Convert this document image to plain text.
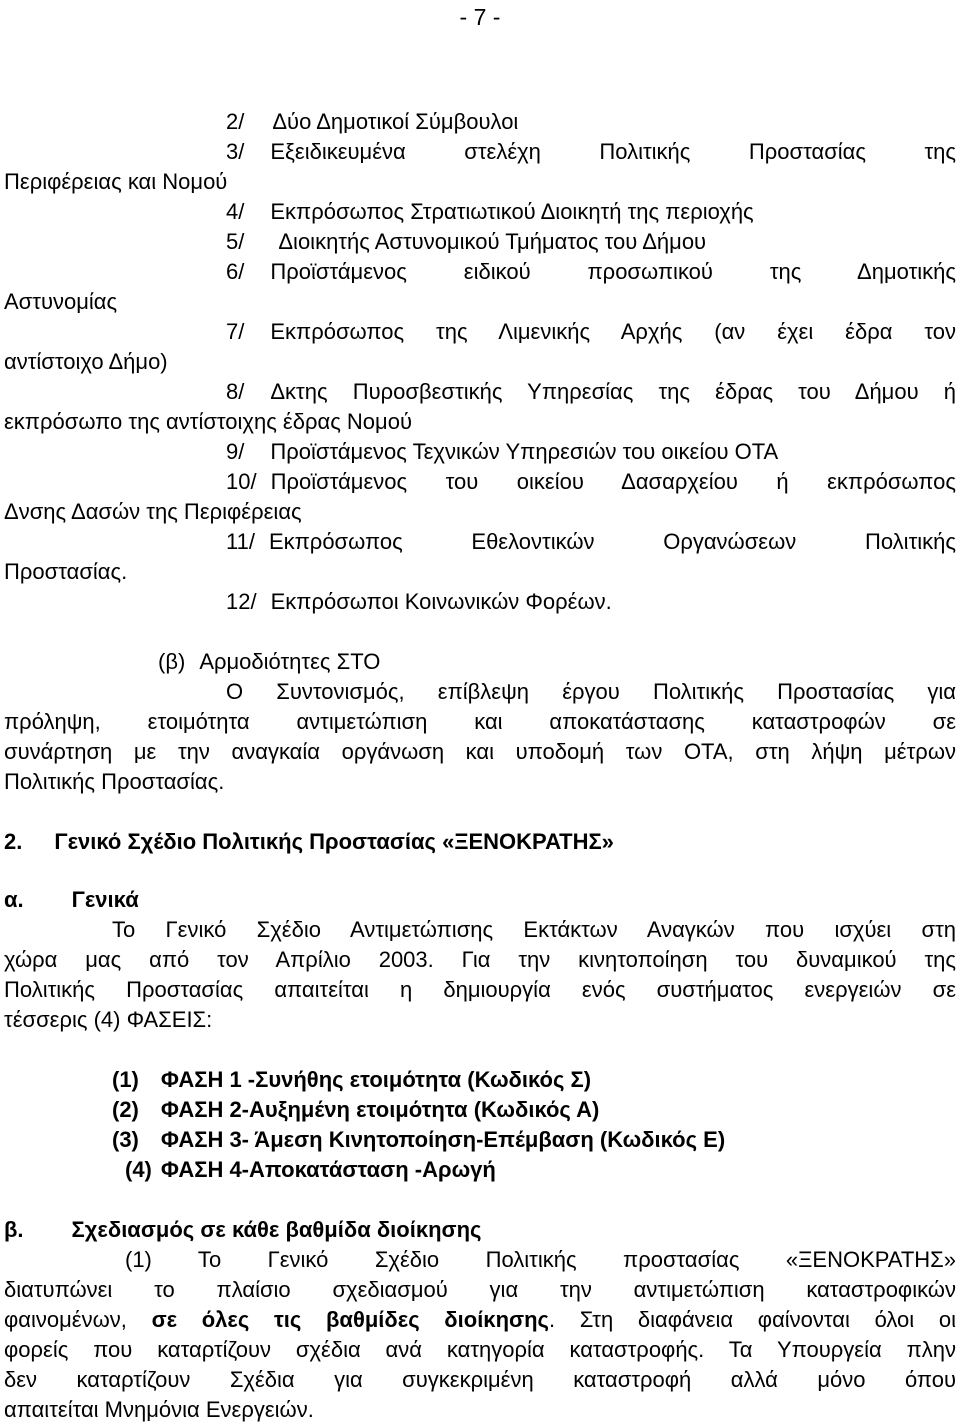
- 7 -
2/ Δύο Δημοτικοί Σύμβουλοι
3/ Εξειδικευμένα στελέχη Πολιτικής Προστασίας της
Περιφέρειας και Νομού
4/ Εκπρόσωπος Στρατιωτικού Διοικητή της περιοχής
5/ Διοικητής Αστυνομικού Τμήματος του Δήμου
6/ Προϊστάμενος ειδικού προσωπικού της Δημοτικής
Αστυνομίας
7/ Εκπρόσωπος της Λιμενικής Αρχής (αν έχει έδρα τον
αντίστοιχο Δήμο)
8/ Δκτης Πυροσβεστικής Υπηρεσίας της έδρας του Δήμου ή
εκπρόσωπο της αντίστοιχης έδρας Νομού
9/ Προϊστάμενος Τεχνικών Υπηρεσιών του οικείου ΟΤΑ
10/ Προϊστάμενος του οικείου Δασαρχείου ή εκπρόσωπος
Δνσης Δασών της Περιφέρειας
11/ Εκπρόσωπος Εθελοντικών Οργανώσεων Πολιτικής
Προστασίας.
12/ Εκπρόσωποι Κοινωνικών Φορέων.
(β) Αρμοδιότητες ΣΤΟ
Ο Συντονισμός, επίβλεψη έργου Πολιτικής Προστασίας για
πρόληψη, ετοιμότητα αντιμετώπιση και αποκατάστασης καταστροφών σε
συνάρτηση με την αναγκαία οργάνωση και υποδομή των ΟΤΑ, στη λήψη μέτρων
Πολιτικής Προστασίας.
2. Γενικό Σχέδιο Πολιτικής Προστασίας «ΞΕΝΟΚΡΑΤΗΣ»
α. Γενικά
Το Γενικό Σχέδιο Αντιμετώπισης Εκτάκτων Αναγκών που ισχύει στη
χώρα μας από τον Απρίλιο 2003. Για την κινητοποίηση του δυναμικού της
Πολιτικής Προστασίας απαιτείται η δημιουργία ενός συστήματος ενεργειών σε
τέσσερις (4) ΦΑΣΕΙΣ:
(1) ΦΑΣΗ 1 -Συνήθης ετοιμότητα (Κωδικός Σ)
(2) ΦΑΣΗ 2-Αυξημένη ετοιμότητα (Κωδικός Α)
(3) ΦΑΣΗ 3- Άμεση Κινητοποίηση-Επέμβαση (Κωδικός Ε)
(4) ΦΑΣΗ 4-Αποκατάσταση -Αρωγή
β. Σχεδιασμός σε κάθε βαθμίδα διοίκησης
(1) Το Γενικό Σχέδιο Πολιτικής προστασίας «ΞΕΝΟΚΡΑΤΗΣ»
διατυπώνει το πλαίσιο σχεδιασμού για την αντιμετώπιση καταστροφικών
φαινομένων, σε όλες τις βαθμίδες διοίκησης. Στη διαφάνεια φαίνονται όλοι οι
φορείς που καταρτίζουν σχέδια ανά κατηγορία καταστροφής. Τα Υπουργεία πλην
δεν καταρτίζουν Σχέδια για συγκεκριμένη καταστροφή αλλά μόνο όπου
απαιτείται Μνημόνια Ενεργειών.
